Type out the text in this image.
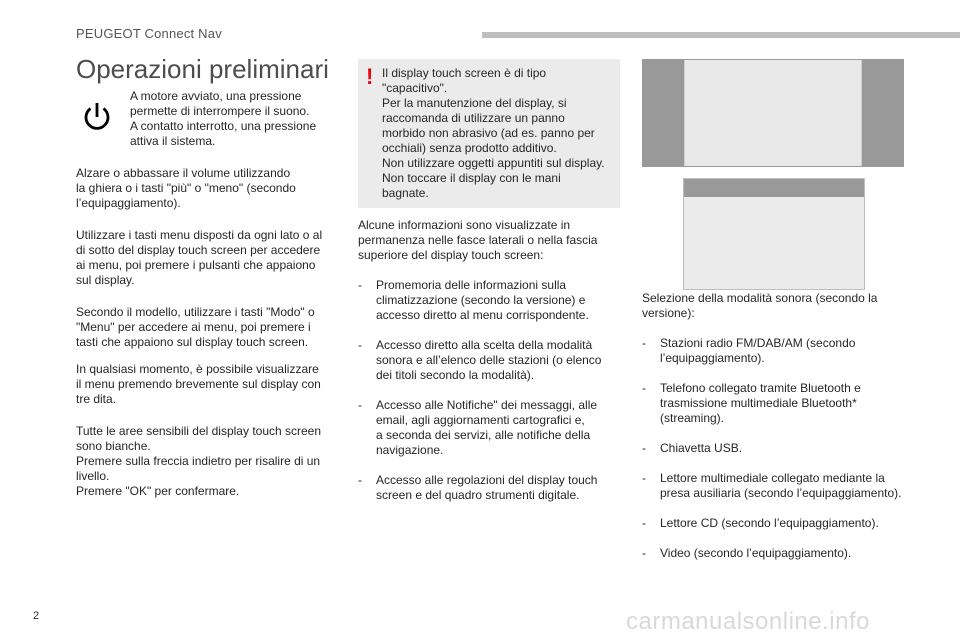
PEUGEOT Connect Nav
Operazioni preliminari
A motore avviato, una pressione
permette di interrompere il suono.
A contatto interrotto, una pressione
attiva il sistema.
Alzare o abbassare il volume utilizzando
la ghiera o i tasti "più" o "meno" (secondo
l’equipaggiamento).
Utilizzare i tasti menu disposti da ogni lato o al
di sotto del display touch screen per accedere
ai menu, poi premere i pulsanti che appaiono
sul display.
Secondo il modello, utilizzare i tasti "Modo" o
"Menu" per accedere ai menu, poi premere i
tasti che appaiono sul display touch screen.
In qualsiasi momento, è possibile visualizzare
il menu premendo brevemente sul display con
tre dita.
Tutte le aree sensibili del display touch screen
sono bianche.
Premere sulla freccia indietro per risalire di un
livello.
Premere "OK" per confermare.
! Il display touch screen è di tipo
"capacitivo".
Per la manutenzione del display, si
raccomanda di utilizzare un panno
morbido non abrasivo (ad es. panno per
occhiali) senza prodotto additivo.
Non utilizzare oggetti appuntiti sul display.
Non toccare il display con le mani
bagnate.
Alcune informazioni sono visualizzate in
permanenza nelle fasce laterali o nella fascia
superiore del display touch screen:

- Promemoria delle informazioni sulla
climatizzazione (secondo la versione) e
accesso diretto al menu corrispondente.

- Accesso diretto alla scelta della modalità
sonora e all’elenco delle stazioni (o elenco
dei titoli secondo la modalità).

- Accesso alle Notifiche" dei messaggi, alle
email, agli aggiornamenti cartografici e,
a seconda dei servizi, alle notifiche della
navigazione.

- Accesso alle regolazioni del display touch
screen e del quadro strumenti digitale.

Selezione della modalità sonora (secondo la
versione):

- Stazioni radio FM/DAB/AM (secondo
l’equipaggiamento).

- Telefono collegato tramite Bluetooth e
trasmissione multimediale Bluetooth*
(streaming).

- Chiavetta USB.

- Lettore multimediale collegato mediante la
presa ausiliaria (secondo l’equipaggiamento).

- Lettore CD (secondo l’equipaggiamento).

- Video (secondo l’equipaggiamento).

2	carmanualsonline.info
